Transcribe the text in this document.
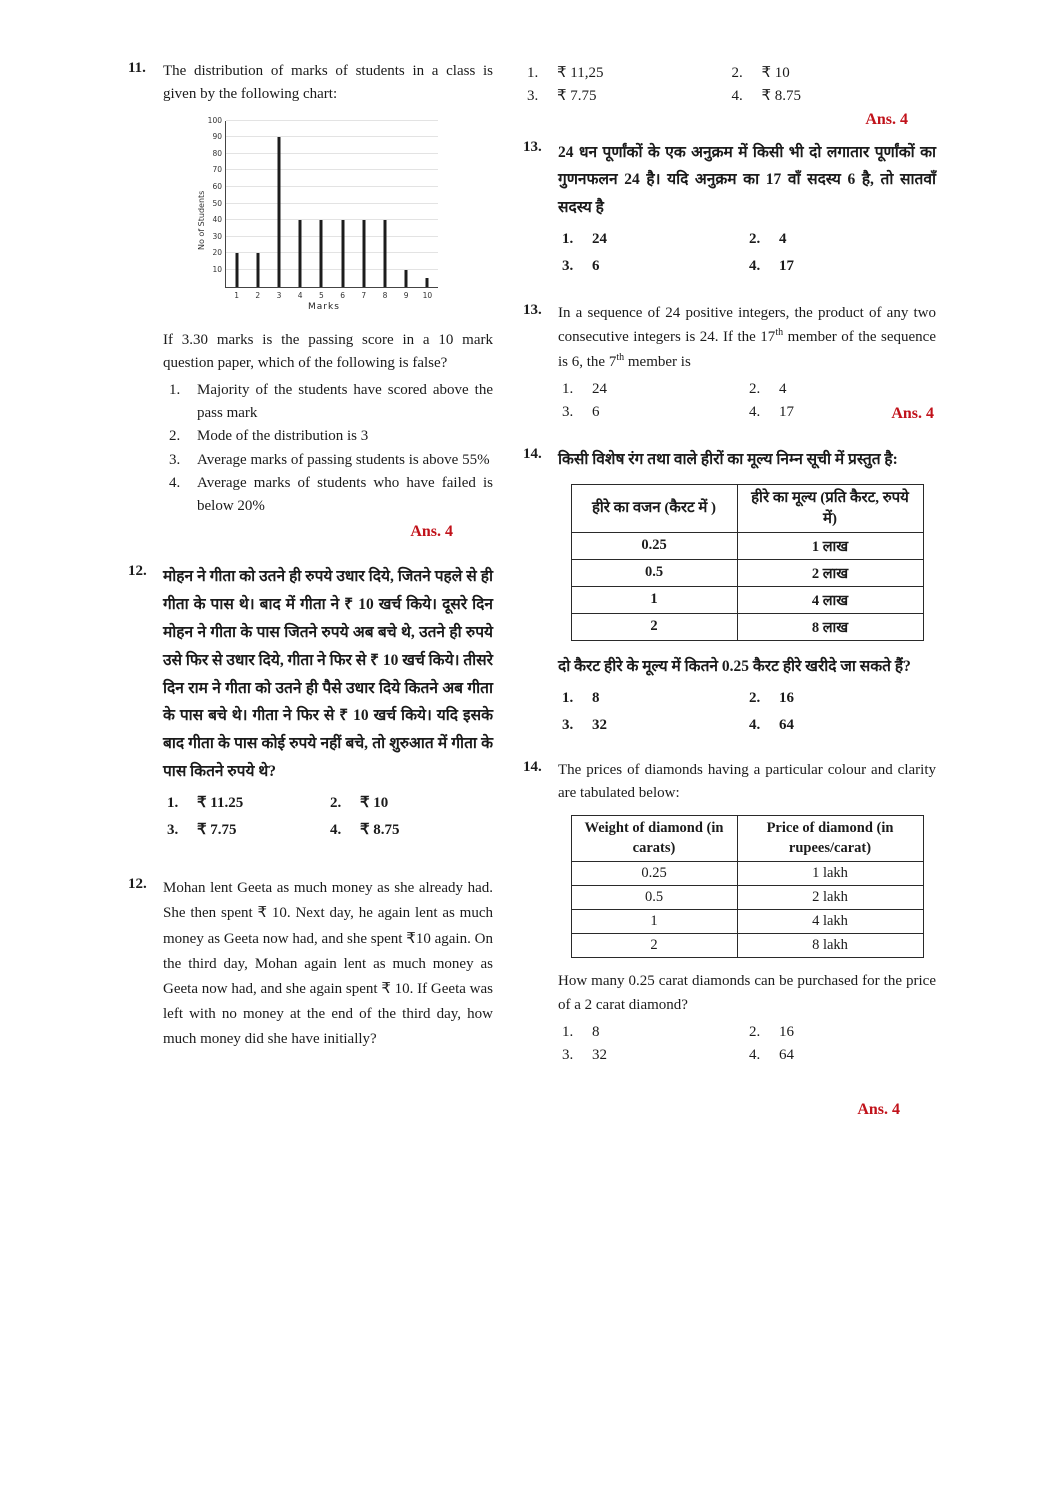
11.	The distribution of marks of students in a class is given by the following chart:

No of Students
10
20
30
40
50
60
70
80
90
100
1 2 3 4 5 6 7 8 9 10
Marks

If 3.30 marks is the passing score in a 10 mark question paper, which of the following is false?

1.	Majority of the students have scored above the pass mark
2.	Mode of the distribution is 3
3.	Average marks of passing students is above 55%
4.	Average marks of students who have failed is below 20%
Ans. 4
12.	मोहन ने गीता को उतने ही रुपये उधार दिये, जितने पहले से ही गीता के पास थे। बाद में गीता ने ₹ 10 खर्च किये। दूसरे दिन मोहन ने गीता के पास जितने रुपये अब बचे थे, उतने ही रुपये उसे फिर से उधार दिये, गीता ने फिर से ₹ 10 खर्च किये। तीसरे दिन राम ने गीता को उतने ही पैसे उधार दिये कितने अब गीता के पास बचे थे। गीता ने फिर से ₹ 10 खर्च किये। यदि इसके बाद गीता के पास कोई रुपये नहीं बचे, तो शुरुआत में गीता के पास कितने रुपये थे?

1.	₹ 11.25	2.	₹ 10
3.	₹ 7.75	4.	₹ 8.75
12.	Mohan lent Geeta as much money as she already had. She then spent ₹ 10. Next day, he again lent as much money as Geeta now had, and she spent ₹10 again. On the third day, Mohan again lent as much money as Geeta now had, and she again spent ₹ 10. If Geeta was left with no money at the end of the third day, how much money did she have initially?

1.	₹ 11,25	2.	₹ 10
3.	₹ 7.75	4.	₹ 8.75
Ans. 4
13.	24 धन पूर्णांकों के एक अनुक्रम में किसी भी दो लगातार पूर्णांकों का गुणनफलन 24 है। यदि अनुक्रम का 17 वाँ सदस्य 6 है, तो सातवाँ सदस्य है

1.	24	2.	4
3.	6	4.	17
13.	In a sequence of 24 positive integers, the product of any two consecutive integers is 24. If the 17th member of the sequence is 6, the 7th member is

1.	24	2.	4
3.	6	4.	17	Ans. 4
14.	किसी विशेष रंग तथा वाले हीरों का मूल्य निम्न सूची में प्रस्तुत है:

हीरे का वजन (कैरट में )	हीरे का मूल्य (प्रति कैरट, रुपये में)
0.25	1 लाख
0.5	2 लाख
1	4 लाख
2	8 लाख

दो कैरट हीरे के मूल्य में कितने 0.25 कैरट हीरे खरीदे जा सकते हैं?

1.	8	2.	16
3.	32	4.	64
14.	The prices of diamonds having a particular colour and clarity are tabulated below:

Weight of diamond (in carats)	Price of diamond (in rupees/carat)
0.25	1 lakh
0.5	2 lakh
1	4 lakh
2	8 lakh

How many 0.25 carat diamonds can be purchased for the price of a 2 carat diamond?

1.	8	2.	16
3.	32	4.	64
Ans. 4
